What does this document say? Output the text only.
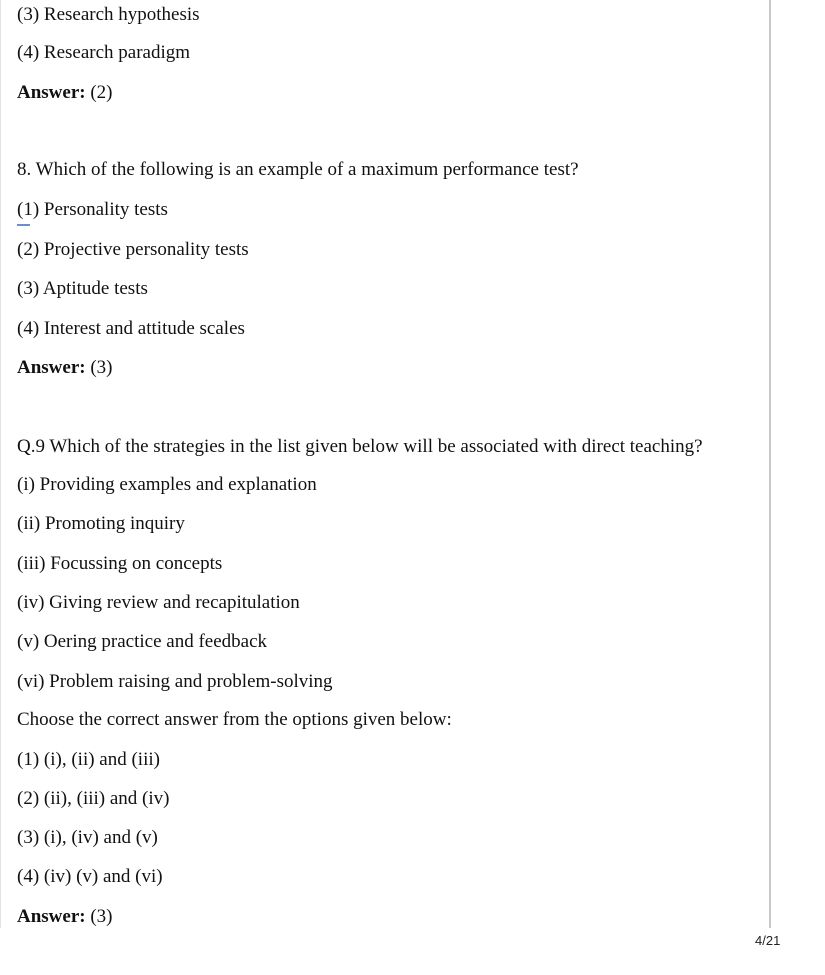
(3) Research hypothesis
(4) Research paradigm
Answer: (2)
8. Which of the following is an example of a maximum performance test?
(1) Personality tests
(2) Projective personality tests
(3) Aptitude tests
(4) Interest and attitude scales
Answer: (3)
Q.9 Which of the strategies in the list given below will be associated with direct teaching?
(i) Providing examples and explanation
(ii) Promoting inquiry
(iii) Focussing on concepts
(iv) Giving review and recapitulation
(v) Oering practice and feedback
(vi) Problem raising and problem-solving
Choose the correct answer from the options given below:
(1) (i), (ii) and (iii)
(2) (ii), (iii) and (iv)
(3) (i), (iv) and (v)
(4) (iv) (v) and (vi)
Answer: (3)
4/21
